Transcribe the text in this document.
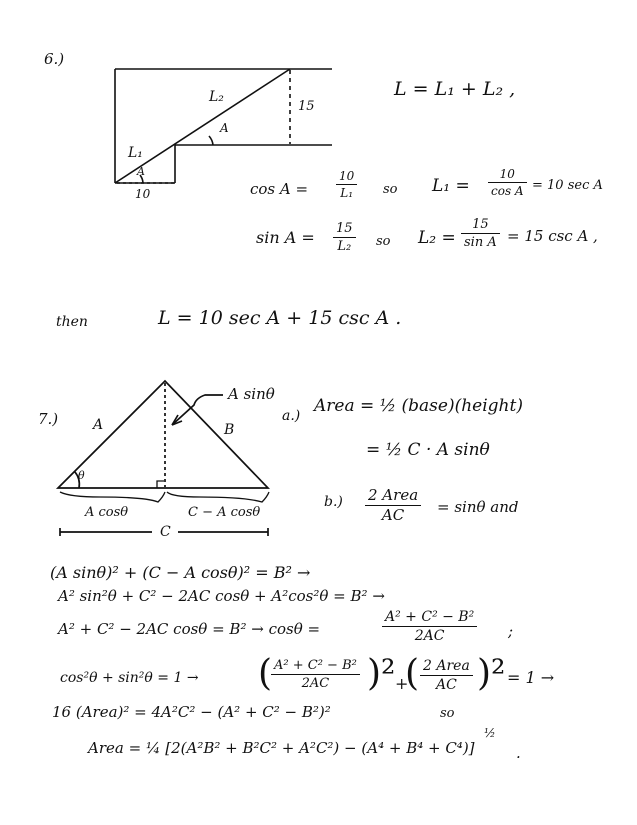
6.)
L₂
L₁
A
A
15
10
L = L₁ + L₂ ,
$\cos A = \frac{10}{\text{L₁}}$ so $L_1 = \frac{10}{\text{cos A}} = 10$ sec A
$\sin A = \frac{15}{\text{L₂}}$ so $L_2 = \frac{15}{\text{sin A}} = 15$ csc A ,
then	L = 10 sec A + 15 csc A .
7.) A	B
θ
A sinθ
A cosθ	C − A cosθ
C
a.) Area = ½ (base)(height)
= ½ C · A sinθ
b.) 2 Area
AC	= sinθ and
(A sinθ)² + (C − A cosθ)² = B² →
A² sin²θ + C² − 2AC cosθ + A²cos²θ = B² →
A² + C² − 2AC cosθ = B² → cosθ =	$\frac{\text{A² + C² − B²}}{2AC}$ ;
cos²θ + sin²θ = 1 → (
$\frac{\text{A² + C² − B²}}{2AC} )^2$ +
( 2 Area
AC )² = 1 →
16 (Area)² = 4A²C² − (A² + C² − B²)²	so
Area = ¼ [2(A²B² + B²C² + A²C²) − (A⁴ + B⁴ + C⁴)]
½
.
